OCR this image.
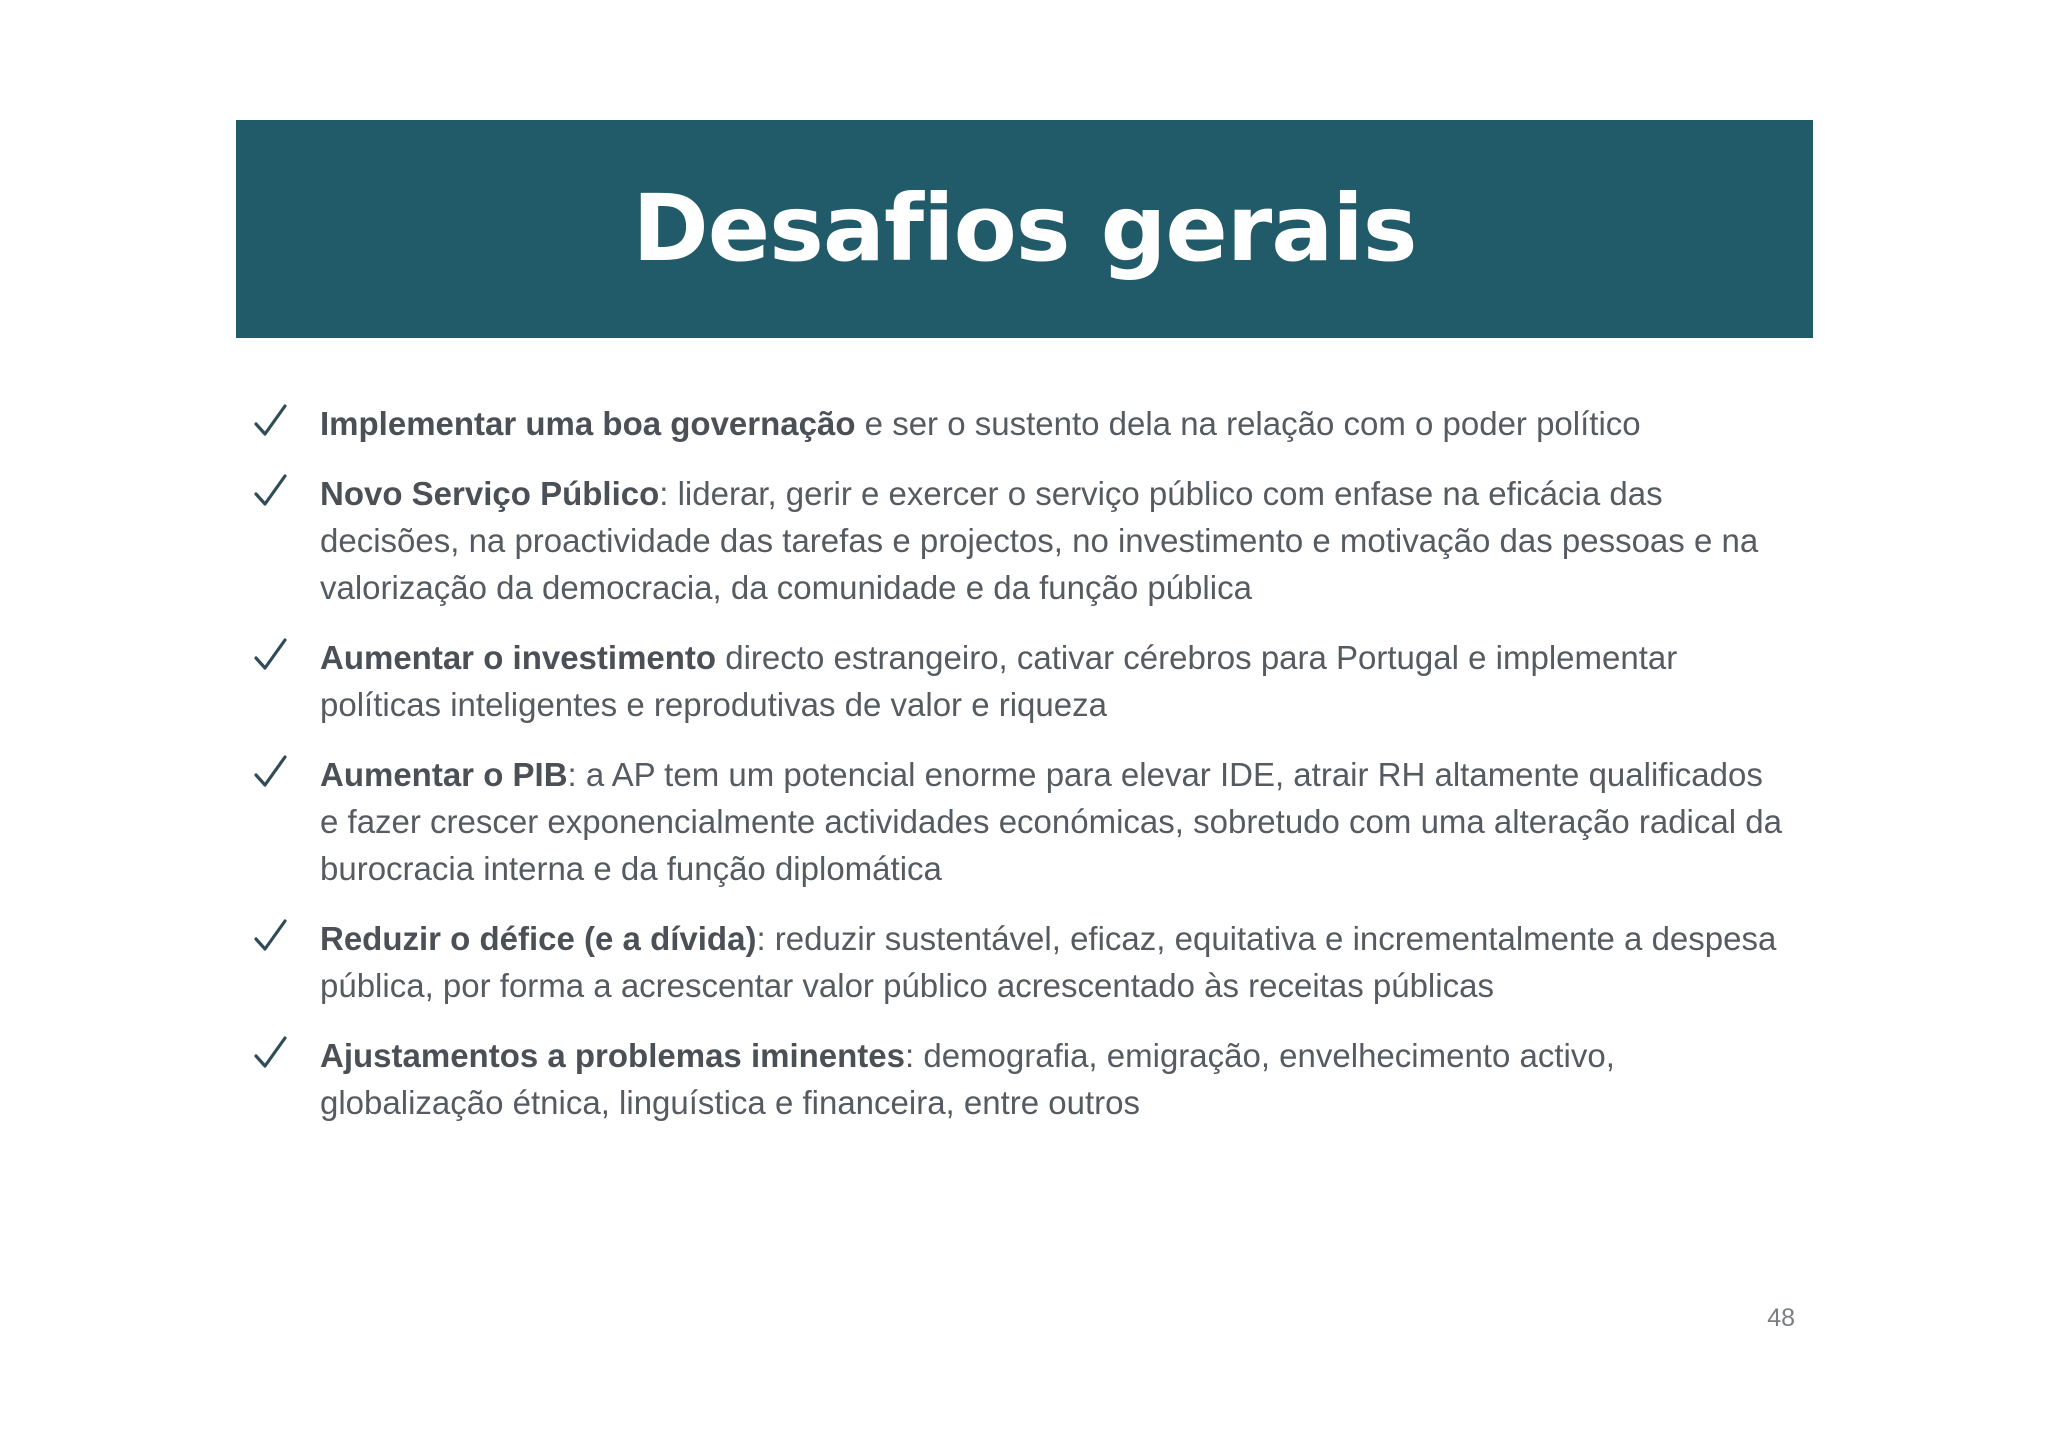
Desafios gerais
Implementar uma boa governação e ser o sustento dela na relação com o poder político
Novo Serviço Público: liderar, gerir e exercer o serviço público com enfase na eficácia das decisões, na proactividade das tarefas e projectos, no investimento e motivação das pessoas e na valorização da democracia, da comunidade e da função pública
Aumentar o investimento directo estrangeiro, cativar cérebros para Portugal e implementar políticas inteligentes e reprodutivas de valor e riqueza
Aumentar o PIB: a AP tem um potencial enorme para elevar IDE, atrair RH altamente qualificados e fazer crescer exponencialmente actividades económicas, sobretudo com uma alteração radical da burocracia interna e da função diplomática
Reduzir o défice (e a dívida): reduzir sustentável, eficaz, equitativa e incrementalmente a despesa pública, por forma a acrescentar valor público acrescentado às receitas públicas
Ajustamentos a problemas iminentes: demografia, emigração, envelhecimento activo, globalização étnica, linguística e financeira, entre outros
48
